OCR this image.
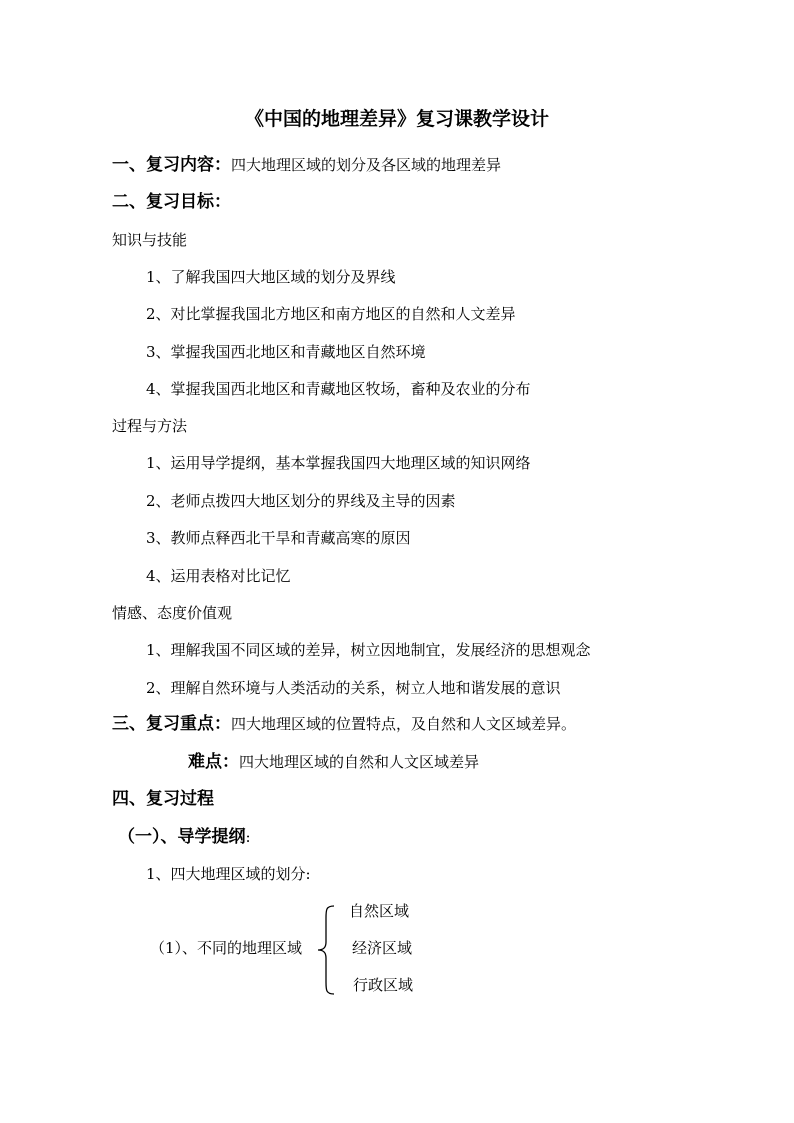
《中国的地理差异》复习课教学设计
一、复习内容：四大地理区域的划分及各区域的地理差异
二、复习目标：
知识与技能
1、了解我国四大地区域的划分及界线
2、对比掌握我国北方地区和南方地区的自然和人文差异
3、掌握我国西北地区和青藏地区自然环境
4、掌握我国西北地区和青藏地区牧场，畜种及农业的分布
过程与方法
1、运用导学提纲，基本掌握我国四大地理区域的知识网络
2、老师点拨四大地区划分的界线及主导的因素
3、教师点释西北干旱和青藏高寒的原因
4、运用表格对比记忆
情感、态度价值观
1、理解我国不同区域的差异，树立因地制宜，发展经济的思想观念
2、理解自然环境与人类活动的关系，树立人地和谐发展的意识
三、复习重点：四大地理区域的位置特点，及自然和人文区域差异。
难点：四大地理区域的自然和人文区域差异
四、复习过程
（一）、导学提纲:
1、四大地理区域的划分:
（1）、不同的地理区域
自然区域
经济区域
行政区域
